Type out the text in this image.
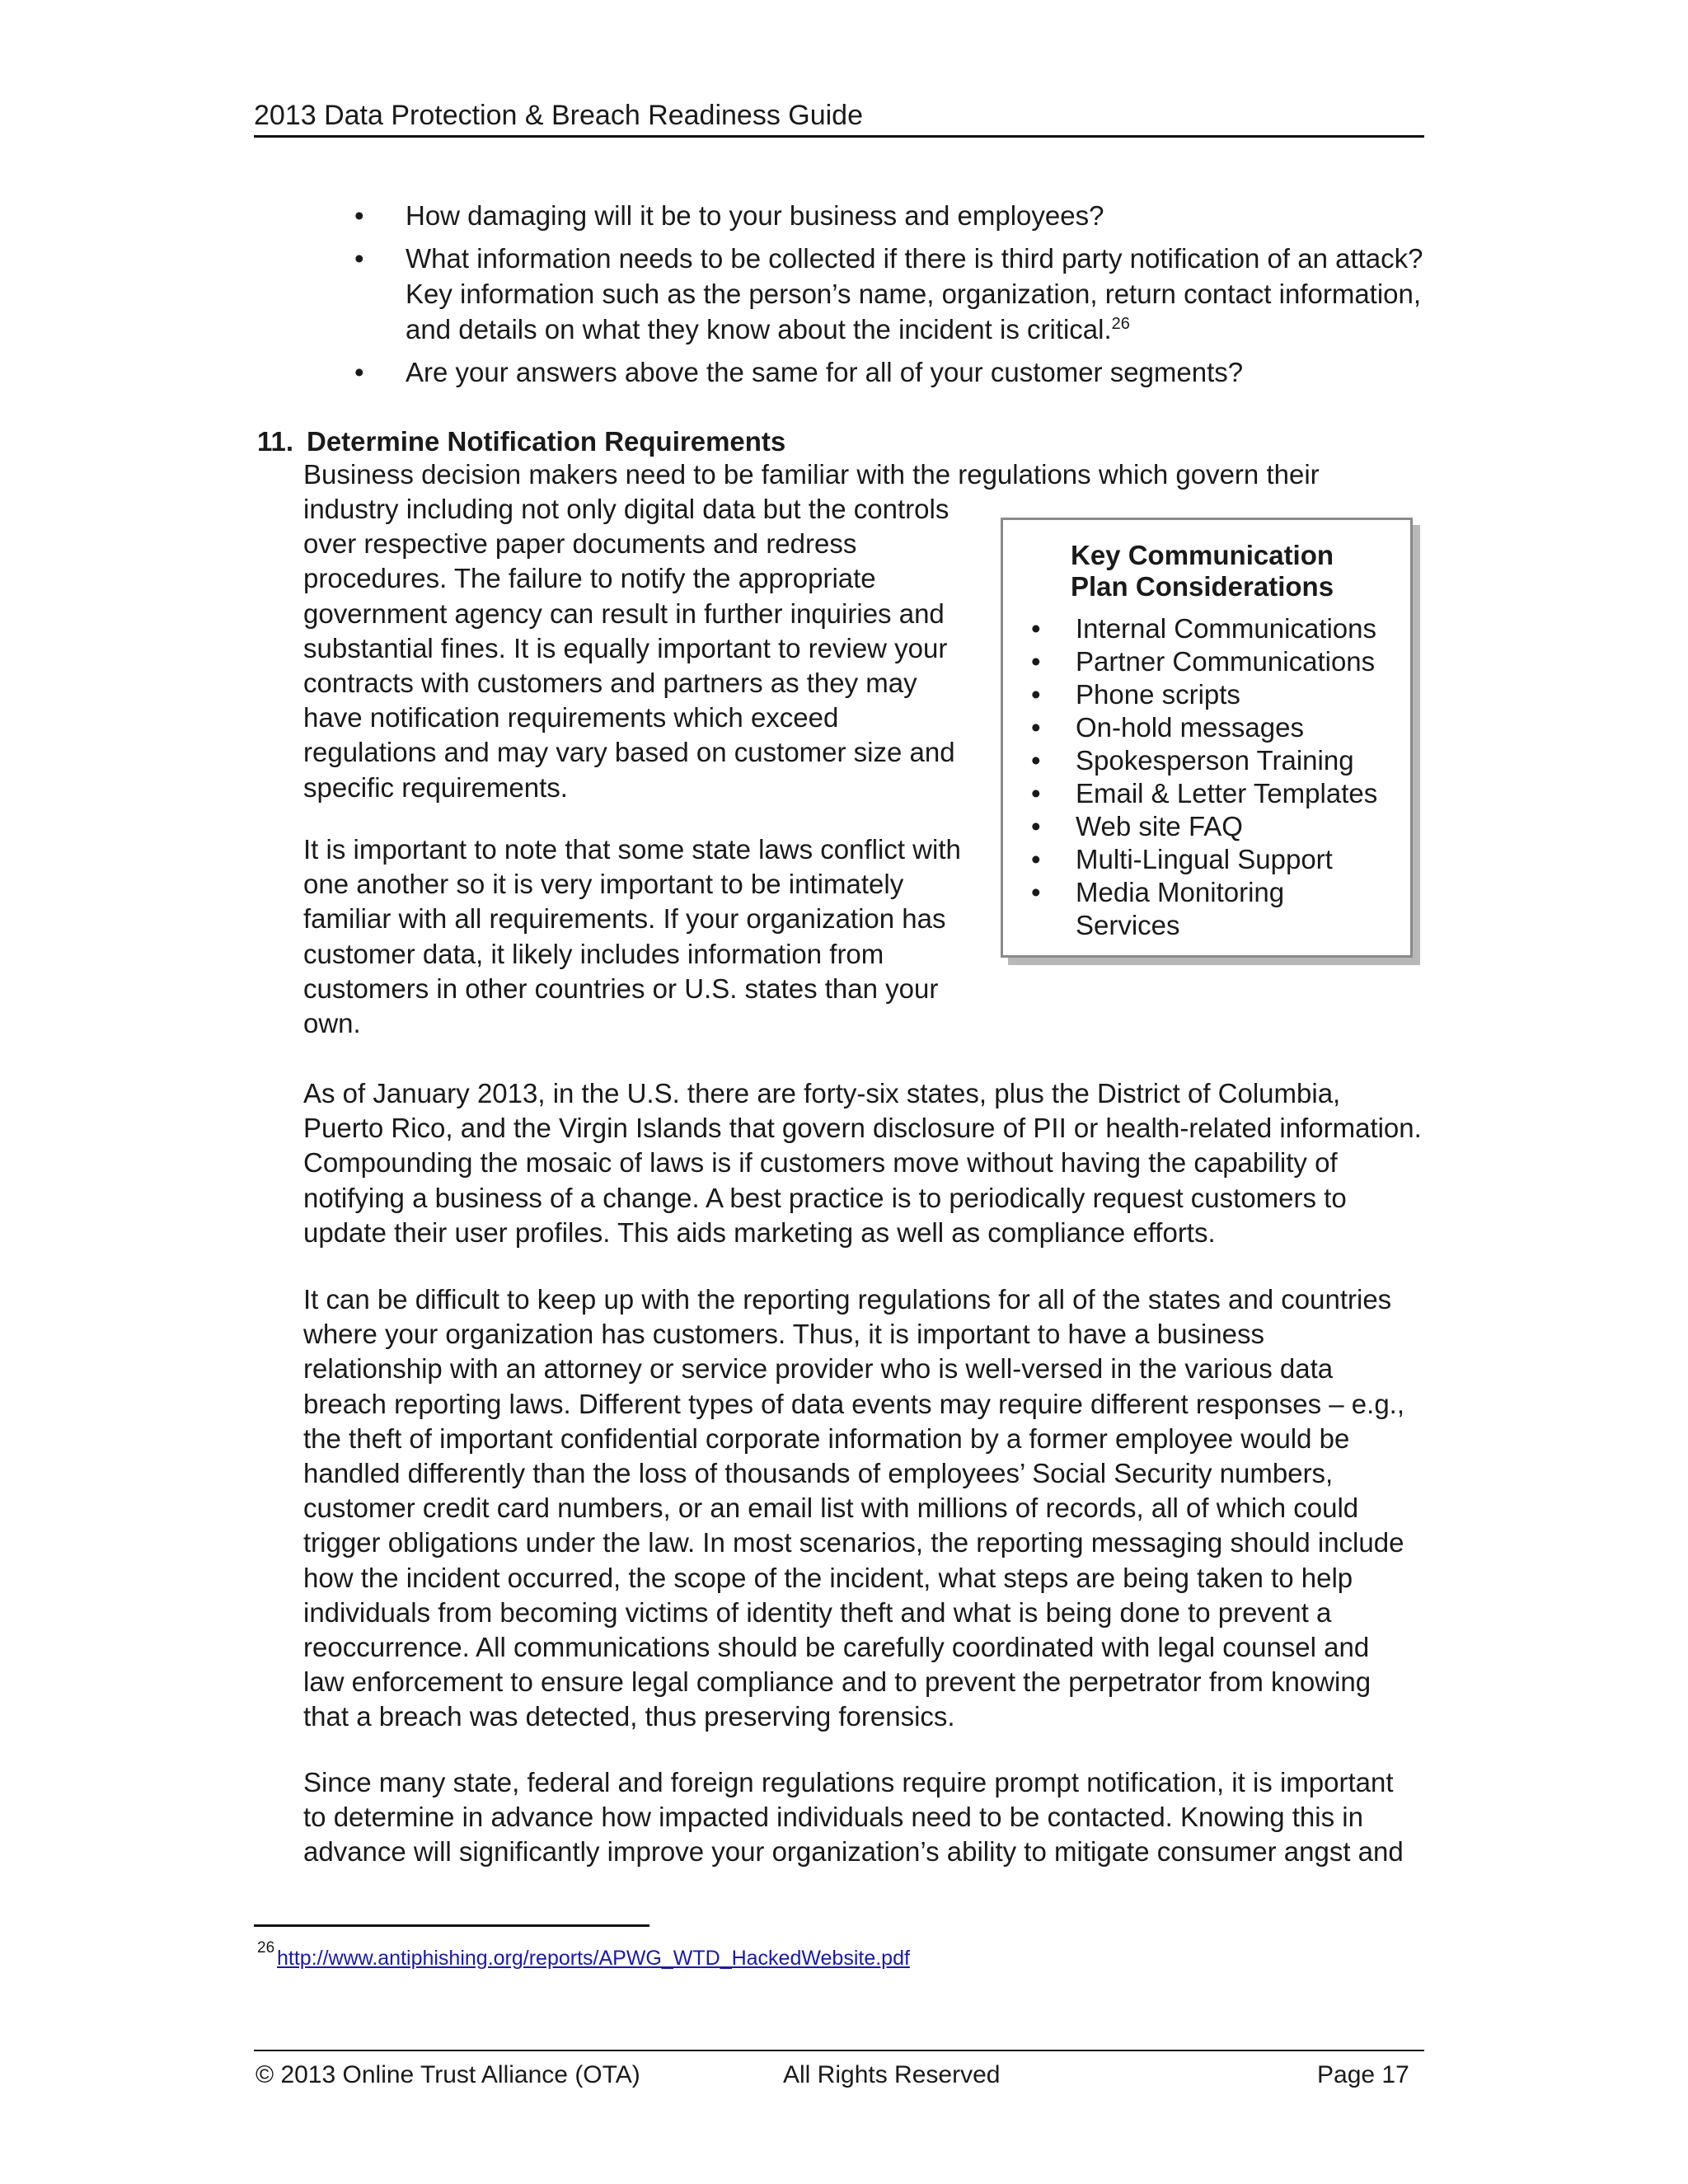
2013 Data Protection & Breach Readiness Guide
• How damaging will it be to your business and employees?
• What information needs to be collected if there is third party notification of an attack? Key information such as the person’s name, organization, return contact information, and details on what they know about the incident is critical.$^{26}$
• Are your answers above the same for all of your customer segments?
11. Determine Notification Requirements

Business decision makers need to be familiar with the regulations which govern their

industry including not only digital data but the controls over respective paper documents and redress procedures. The failure to notify the appropriate government agency can result in further inquiries and substantial fines. It is equally important to review your contracts with customers and partners as they may have notification requirements which exceed regulations and may vary based on customer size and specific requirements.

It is important to note that some state laws conflict with one another so it is very important to be intimately familiar with all requirements. If your organization has customer data, it likely includes information from customers in other countries or U.S. states than your own.

As of January 2013, in the U.S. there are forty-six states, plus the District of Columbia, Puerto Rico, and the Virgin Islands that govern disclosure of PII or health-related information. Compounding the mosaic of laws is if customers move without having the capability of notifying a business of a change. A best practice is to periodically request customers to update their user profiles. This aids marketing as well as compliance efforts.

It can be difficult to keep up with the reporting regulations for all of the states and countries where your organization has customers. Thus, it is important to have a business relationship with an attorney or service provider who is well-versed in the various data breach reporting laws. Different types of data events may require different responses – e.g., the theft of important confidential corporate information by a former employee would be handled differently than the loss of thousands of employees’ Social Security numbers, customer credit card numbers, or an email list with millions of records, all of which could trigger obligations under the law. In most scenarios, the reporting messaging should include how the incident occurred, the scope of the incident, what steps are being taken to help individuals from becoming victims of identity theft and what is being done to prevent a reoccurrence. All communications should be carefully coordinated with legal counsel and law enforcement to ensure legal compliance and to prevent the perpetrator from knowing that a breach was detected, thus preserving forensics.

Since many state, federal and foreign regulations require prompt notification, it is important to determine in advance how impacted individuals need to be contacted. Knowing this in advance will significantly improve your organization’s ability to mitigate consumer angst and

Key Communication Plan Considerations
• Internal Communications
• Partner Communications
• Phone scripts
• On-hold messages
• Spokesperson Training
• Email & Letter Templates
• Web site FAQ
• Multi-Lingual Support
• Media Monitoring Services
26 http://www.antiphishing.org/reports/APWG_WTD_HackedWebsite.pdf
© 2013 Online Trust Alliance (OTA)	All Rights Reserved	Page 17
